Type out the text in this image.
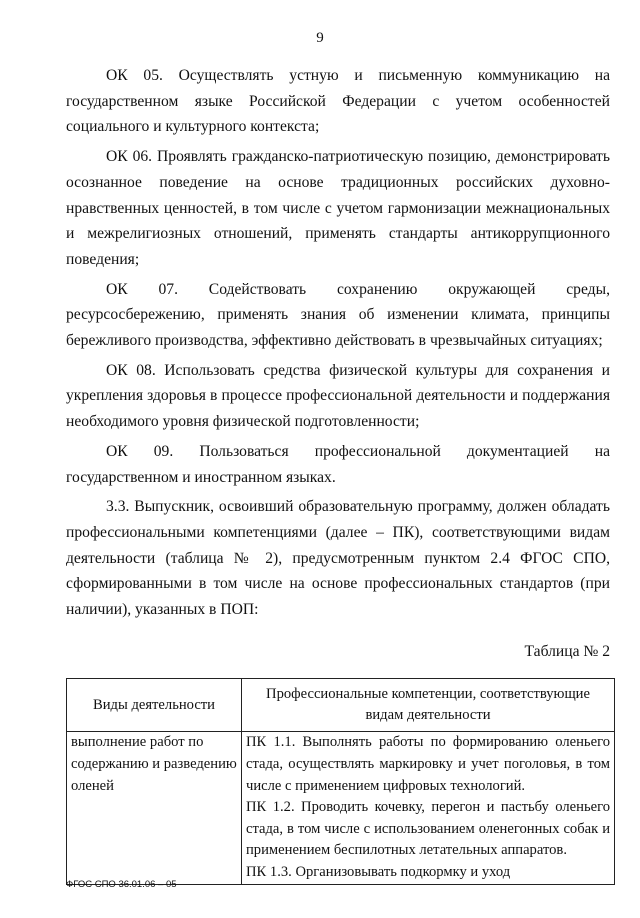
9

ОК 05. Осуществлять устную и письменную коммуникацию на государственном языке Российской Федерации с учетом особенностей социального и культурного контекста;

ОК 06. Проявлять гражданско-патриотическую позицию, демонстрировать осознанное поведение на основе традиционных российских духовно-нравственных ценностей, в том числе с учетом гармонизации межнациональных и межрелигиозных отношений, применять стандарты антикоррупционного поведения;

ОК 07. Содействовать сохранению окружающей среды, ресурсосбережению, применять знания об изменении климата, принципы бережливого производства, эффективно действовать в чрезвычайных ситуациях;

ОК 08. Использовать средства физической культуры для сохранения и укрепления здоровья в процессе профессиональной деятельности и поддержания необходимого уровня физической подготовленности;

ОК 09. Пользоваться профессиональной документацией на государственном и иностранном языках.

3.3. Выпускник, освоивший образовательную программу, должен обладать профессиональными компетенциями (далее – ПК), соответствующими видам деятельности (таблица № 2), предусмотренным пунктом 2.4 ФГОС СПО, сформированными в том числе на основе профессиональных стандартов (при наличии), указанных в ПОП:

Таблица № 2
Виды деятельности	Профессиональные компетенции, соответствующие видам деятельности
выполнение работ по содержанию и разведению оленей	ПК 1.1. Выполнять работы по формированию оленьего стада, осуществлять маркировку и учет поголовья, в том числе с применением цифровых технологий.
ПК 1.2. Проводить кочевку, перегон и пастьбу оленьего стада, в том числе с использованием оленегонных собак и применением беспилотных летательных аппаратов.
ПК 1.3. Организовывать подкормку и уход
ФГОС СПО 36.01.06 – 05
